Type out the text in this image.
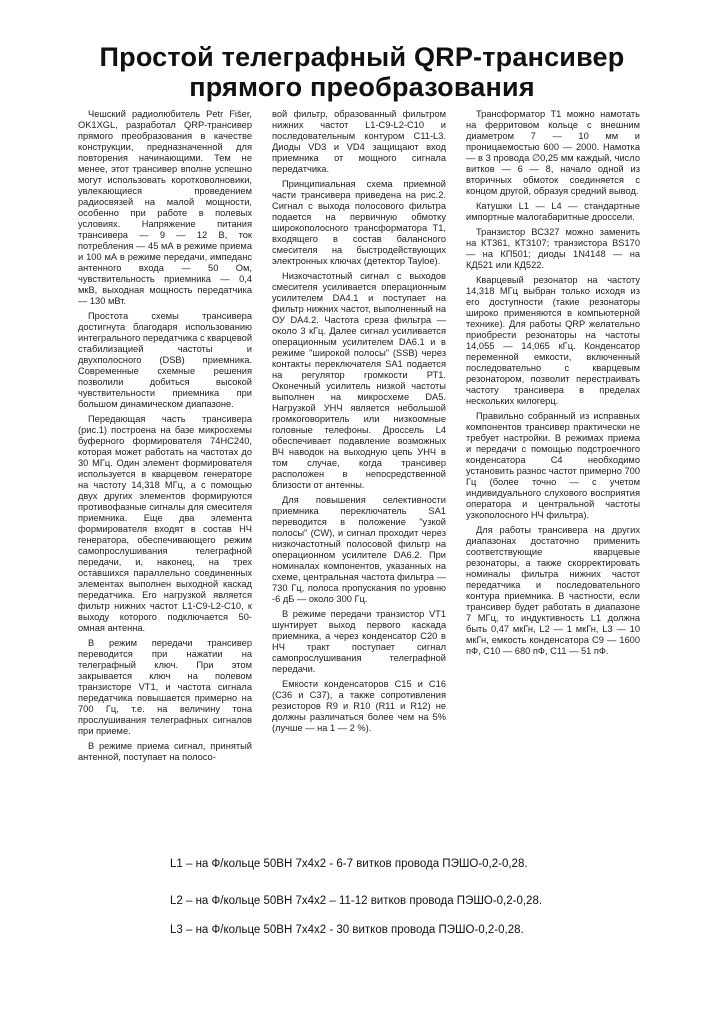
Простой телеграфный QRP-трансивер
прямого преобразования

Чешский радиолюбитель Petr Fišer, OK1XGL, разработал QRP-трансивер прямого преобразования в качестве конструкции, предназначенной для повторения начинающими. Тем не менее, этот трансивер вполне успешно могут использовать коротковолновики, увлекающиеся проведением радиосвязей на малой мощности, особенно при работе в полевых условиях. Напряжение питания трансивера — 9 — 12 В, ток потребления — 45 мА в режиме приема и 100 мА в режиме передачи, импеданс антенного входа — 50 Ом, чувствительность приемника — 0,4 мкВ, выходная мощность передатчика — 130 мВт.

Простота схемы трансивера достигнута благодаря использованию интегрального передатчика с кварцевой стабилизацией частоты и двухполосного (DSB) приемника. Современные схемные решения позволили добиться высокой чувствительности приемника при большом динамическом диапазоне.

Передающая часть трансивера (рис.1) построена на базе микросхемы буферного формирователя 74HC240, которая может работать на частотах до 30 МГц. Один элемент формирователя используется в кварцевом генераторе на частоту 14,318 МГц, а с помощью двух других элементов формируются противофазные сигналы для смесителя приемника. Еще два элемента формирователя входят в состав НЧ генератора, обеспечивающего режим самопрослушивания телеграфной передачи, и, наконец, на трех оставшихся параллельно соединенных элементах выполнен выходной каскад передатчика. Его нагрузкой является фильтр нижних частот L1-C9-L2-C10, к выходу которого подключается 50-омная антенна.

В режим передачи трансивер переводится при нажатии на телеграфный ключ. При этом закрывается ключ на полевом транзисторе VT1, и частота сигнала передатчика повышается примерно на 700 Гц, т.е. на величину тона прослушивания телеграфных сигналов при приеме.

В режиме приема сигнал, принятый антенной, поступает на полосо-

вой фильтр, образованный фильтром нижних частот L1-C9-L2-C10 и последовательным контуром С11-L3. Диоды VD3 и VD4 защищают вход приемника от мощного сигнала передатчика.

Принципиальная схема приемной части трансивера приведена на рис.2. Сигнал с выхода полосового фильтра подается на первичную обмотку широкополосного трансформатора Т1, входящего в состав балансного смесителя на быстродействующих электронных ключах (детектор Tayloe).

Низкочастотный сигнал с выходов смесителя усиливается операционным усилителем DA4.1 и поступает на фильтр нижних частот, выполненный на ОУ DA4.2. Частота среза фильтра — около 3 кГц. Далее сигнал усиливается операционным усилителем DA6.1 и в режиме "широкой полосы" (SSB) через контакты переключателя SA1 подается на регулятор громкости РТ1. Оконечный усилитель низкой частоты выполнен на микросхеме DA5. Нагрузкой УНЧ является небольшой громкоговоритель или низкоомные головные телефоны. Дроссель L4 обеспечивает подавление возможных ВЧ наводок на выходную цепь УНЧ в том случае, когда трансивер расположен в непосредственной близости от антенны.

Для повышения селективности приемника переключатель SA1 переводится в положение "узкой полосы" (CW), и сигнал проходит через низкочастотный полосовой фильтр на операционном усилителе DA6.2. При номиналах компонентов, указанных на схеме, центральная частота фильтра — 730 Гц, полоса пропускания по уровню -6 дБ — около 300 Гц.

В режиме передачи транзистор VT1 шунтирует выход первого каскада приемника, а через конденсатор С20 в НЧ тракт поступает сигнал самопрослушивания телеграфной передачи.

Емкости конденсаторов С15 и С16 (С36 и С37), а также сопротивления резисторов R9 и R10 (R11 и R12) не должны различаться более чем на 5% (лучше — на 1 — 2 %).

Трансформатор Т1 можно намотать на ферритовом кольце с внешним диаметром 7 — 10 мм и проницаемостью 600 — 2000. Намотка — в 3 провода ∅0,25 мм каждый, число витков — 6 — 8, начало одной из вторичных обмоток соединяется с концом другой, образуя средний вывод.

Катушки L1 — L4 — стандартные импортные малогабаритные дроссели.

Транзистор ВС327 можно заменить на КТ361, КТ3107; транзистора BS170 — на КП501; диоды 1N4148 — на КД521 или КД522.

Кварцевый резонатор на частоту 14,318 МГц выбран только исходя из его доступности (такие резонаторы широко применяются в компьютерной технике). Для работы QRP желательно приобрести резонаторы на частоты 14,055 — 14,065 кГц. Конденсатор переменной емкости, включенный последовательно с кварцевым резонатором, позволит перестраивать частоту трансивера в пределах нескольких килогерц.

Правильно собранный из исправных компонентов трансивер практически не требует настройки. В режимах приема и передачи с помощью подстроечного конденсатора С4 необходимо установить разнос частот примерно 700 Гц (более точно — с учетом индивидуального слухового восприятия оператора и центральной частоты узкополосного НЧ фильтра).

Для работы трансивера на других диапазонах достаточно применить соответствующие кварцевые резонаторы, а также скорректировать номиналы фильтра нижних частот передатчика и последовательного контура приемника. В частности, если трансивер будет работать в диапазоне 7 МГц, то индуктивность L1 должна быть 0,47 мкГн, L2 — 1 мкГн, L3 — 10 мкГн, емкость конденсатора С9 — 1600 пФ, С10 — 680 пФ, С11 — 51 пФ.

L1 – на Ф/кольце 50ВН 7х4х2 - 6-7 витков провода ПЭШО-0,2-0,28.
L2 – на Ф/кольце 50ВН 7х4х2 – 11-12 витков провода ПЭШО-0,2-0,28.
L3 – на Ф/кольце 50ВН 7х4х2 - 30 витков провода ПЭШО-0,2-0,28.
